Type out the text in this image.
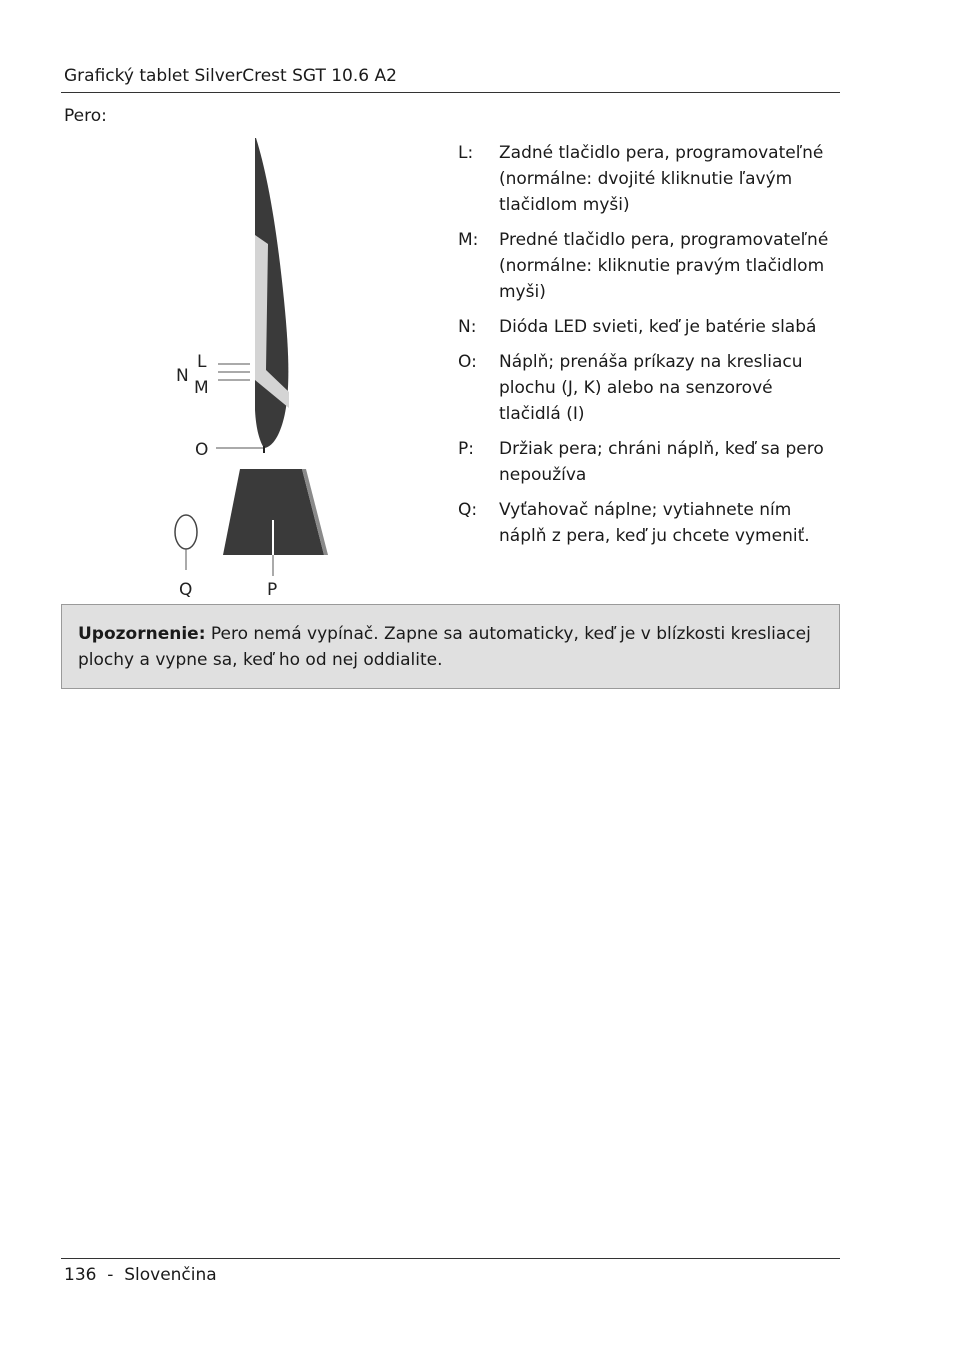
Grafický tablet SilverCrest SGT 10.6 A2
Pero:
L
M
N
O
P
Q
L:	Zadné tlačidlo pera, programovateľné (normálne: dvojité kliknutie ľavým tlačidlom myši)
M:	Predné tlačidlo pera, programovateľné (normálne: kliknutie pravým tlačidlom myši)
N:	Dióda LED svieti, keď je batérie slabá
O:	Náplň; prenáša príkazy na kresliacu plochu (J, K) alebo na senzorové tlačidlá (I)
P:	Držiak pera; chráni náplň, keď sa pero nepoužíva
Q:	Vyťahovač náplne; vytiahnete ním náplň z pera, keď ju chcete vymeniť.
Upozornenie: Pero nemá vypínač. Zapne sa automaticky, keď je v blízkosti kresliacej plochy a vypne sa, keď ho od nej oddialite.
136 - Slovenčina
